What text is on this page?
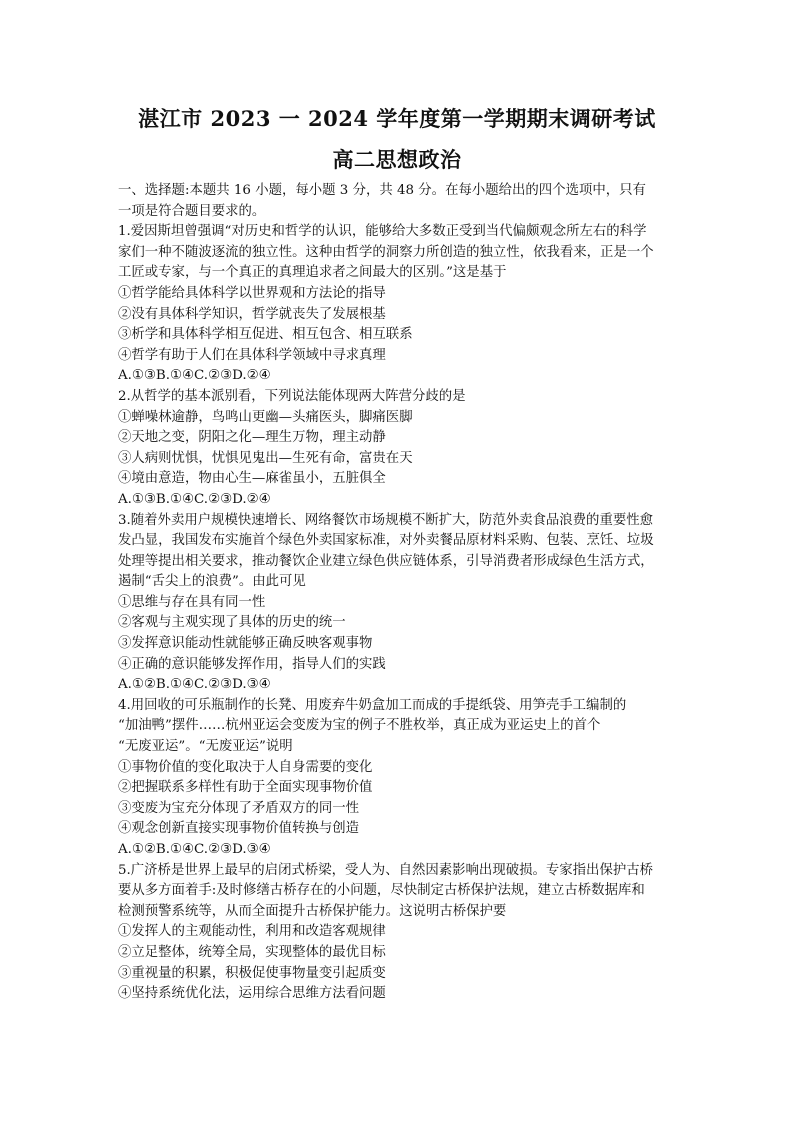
湛江市 2023 一 2024 学年度第一学期期末调研考试
高二思想政治
一、选择题:本题共 16 小题，每小题 3 分，共 48 分。在每小题给出的四个选项中，只有
一项是符合题目要求的。
1.爱因斯坦曾强调“对历史和哲学的认识，能够给大多数正受到当代偏颇观念所左右的科学
家们一种不随波逐流的独立性。这种由哲学的洞察力所创造的独立性，依我看来，正是一个
工匠或专家，与一个真正的真理追求者之间最大的区别。”这是基于
①哲学能给具体科学以世界观和方法论的指导
②没有具体科学知识，哲学就丧失了发展根基
③析学和具体科学相互促进、相互包含、相互联系
④哲学有助于人们在具体科学领域中寻求真理
A.①③B.①④C.②③D.②④
2.从哲学的基本派别看，下列说法能体现两大阵营分歧的是
①蝉噪林逾静，鸟鸣山更幽—头痛医头，脚痛医脚
②天地之变，阴阳之化—理生万物，理主动静
③人病则忧惧，忧惧见鬼出—生死有命，富贵在天
④境由意造，物由心生—麻雀虽小，五脏俱全
A.①③B.①④C.②③D.②④
3.随着外卖用户规模快速增长、网络餐饮市场规模不断扩大，防范外卖食品浪费的重要性愈
发凸显，我国发布实施首个绿色外卖国家标准，对外卖餐品原材料采购、包装、烹饪、垃圾
处理等提出相关要求，推动餐饮企业建立绿色供应链体系，引导消费者形成绿色生活方式，
遏制“舌尖上的浪费”。由此可见
①思维与存在具有同一性
②客观与主观实现了具体的历史的统一
③发挥意识能动性就能够正确反映客观事物
④正确的意识能够发挥作用，指导人们的实践
A.①②B.①④C.②③D.③④
4.用回收的可乐瓶制作的长凳、用废弃牛奶盒加工而成的手提纸袋、用笋壳手工编制的
“加油鸭”摆件……杭州亚运会变废为宝的例子不胜枚举，真正成为亚运史上的首个
“无废亚运”。“无废亚运”说明
①事物价值的变化取决于人自身需要的变化
②把握联系多样性有助于全面实现事物价值
③变废为宝充分体现了矛盾双方的同一性
④观念创新直接实现事物价值转换与创造
A.①②B.①④C.②③D.③④
5.广济桥是世界上最早的启闭式桥梁，受人为、自然因素影响出现破损。专家指出保护古桥
要从多方面着手:及时修缮古桥存在的小问题，尽快制定古桥保护法规，建立古桥数据库和
检测预警系统等，从而全面提升古桥保护能力。这说明古桥保护要
①发挥人的主观能动性，利用和改造客观规律
②立足整体，统筹全局，实现整体的最优目标
③重视量的积累，积极促使事物量变引起质变
④坚持系统优化法，运用综合思维方法看问题
